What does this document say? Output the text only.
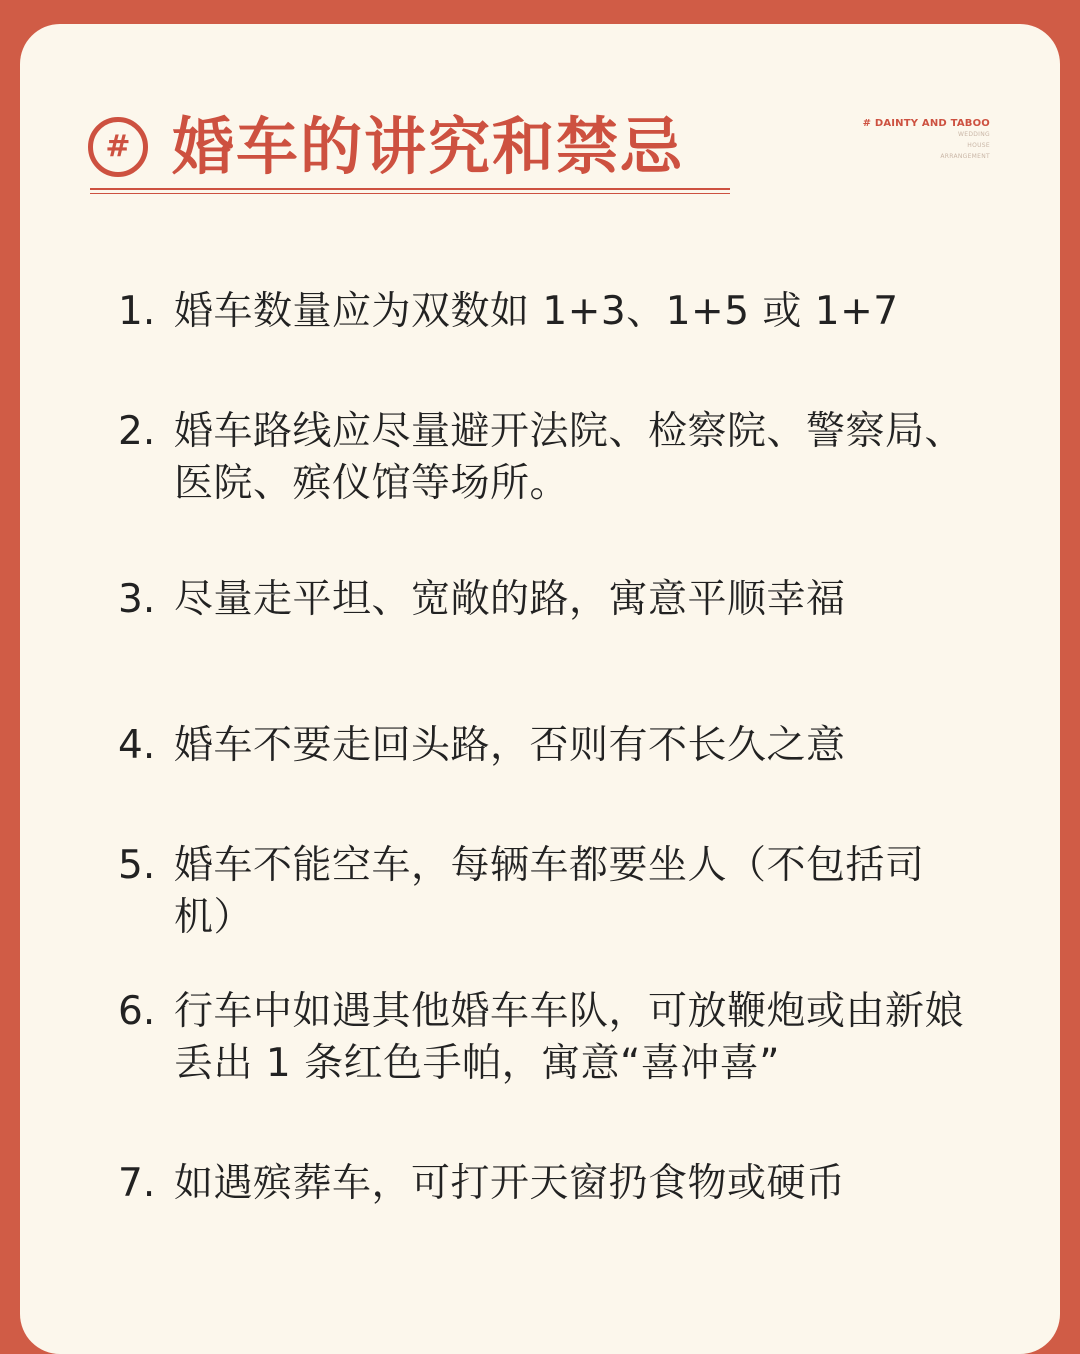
# 婚车的讲究和禁忌	# DAINTY AND TABOO
WEDDING
HOUSE
ARRANGEMENT
1. 婚车数量应为双数如 1+3、1+5 或 1+7
2. 婚车路线应尽量避开法院、检察院、警察局、医院、殡仪馆等场所。
3. 尽量走平坦、宽敞的路，寓意平顺幸福
4. 婚车不要走回头路，否则有不长久之意
5. 婚车不能空车，每辆车都要坐人（不包括司机）
6. 行车中如遇其他婚车车队，可放鞭炮或由新娘丢出 1 条红色手帕，寓意“喜冲喜”
7. 如遇殡葬车，可打开天窗扔食物或硬币
